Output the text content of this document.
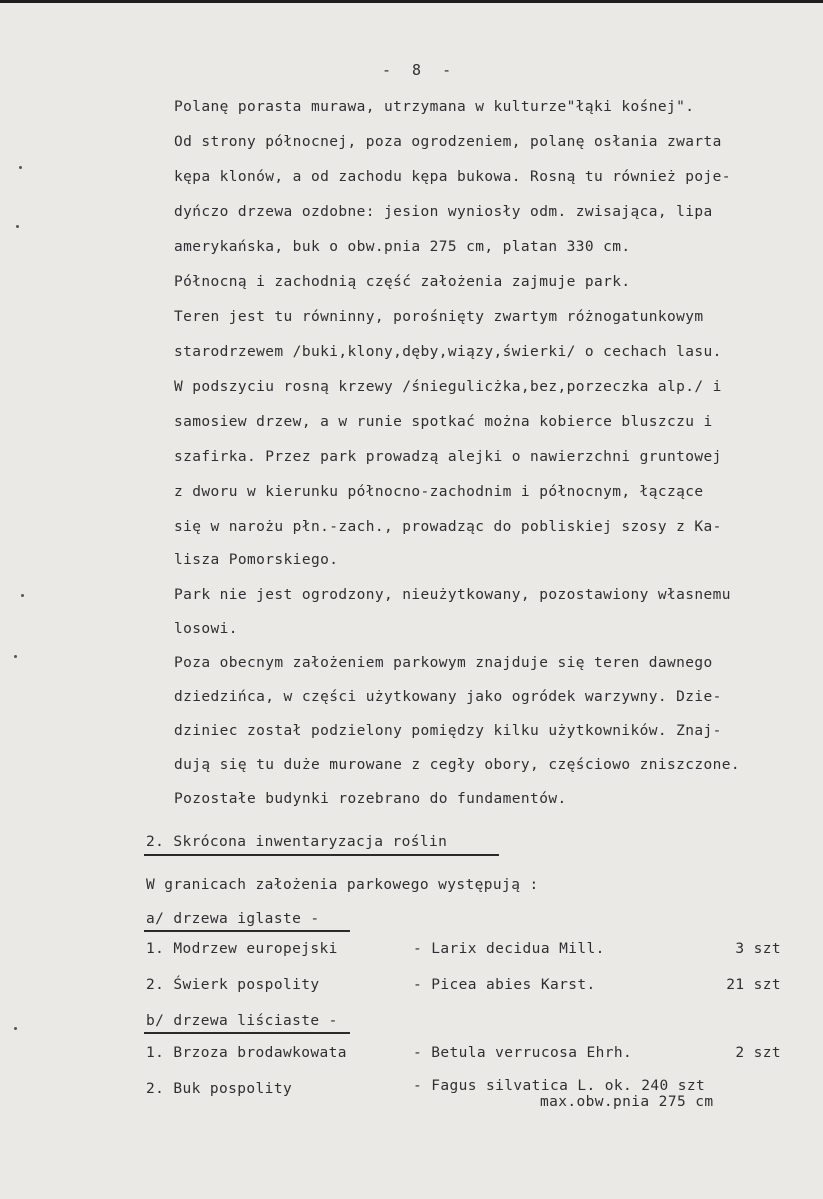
- 8 -
Polanę porasta murawa, utrzymana w kulturze"łąki kośnej".
Od strony północnej, poza ogrodzeniem, polanę osłania zwarta
kępa klonów, a od zachodu kępa bukowa. Rosną tu również poje-
dyńczo drzewa ozdobne: jesion wyniosły odm. zwisająca, lipa
amerykańska, buk o obw.pnia 275 cm, platan 330 cm.
Północną i zachodnią część założenia zajmuje park.
Teren jest tu równinny, porośnięty zwartym różnogatunkowym
starodrzewem /buki,klony,dęby,wiązy,świerki/ o cechach lasu.
W podszyciu rosną krzewy /śniegulicżka,bez,porzeczka alp./ i
samosiew drzew, a w runie spotkać można kobierce bluszczu i
szafirka. Przez park prowadzą alejki o nawierzchni gruntowej
z dworu w kierunku północno-zachodnim i północnym, łączące
się w narożu płn.-zach., prowadząc do pobliskiej szosy z Ka-
lisza Pomorskiego.
Park nie jest ogrodzony, nieużytkowany, pozostawiony własnemu
losowi.
Poza obecnym założeniem parkowym znajduje się teren dawnego
dziedzińca, w części użytkowany jako ogródek warzywny. Dzie-
dziniec został podzielony pomiędzy kilku użytkowników. Znaj-
dują się tu duże murowane z cegły obory, częściowo zniszczone.
Pozostałe budynki rozebrano do fundamentów.
2. Skrócona inwentaryzacja roślin
W granicach założenia parkowego występują :
a/ drzewa iglaste -
1. Modrzew europejski	- Larix decidua Mill.	3 szt
2. Świerk pospolity	- Picea abies Karst.	21 szt
b/ drzewa liściaste -
1. Brzoza brodawkowata	- Betula verrucosa Ehrh.	2 szt
2. Buk pospolity	- Fagus silvatica L. ok. 240 szt
max.obw.pnia 275 cm
